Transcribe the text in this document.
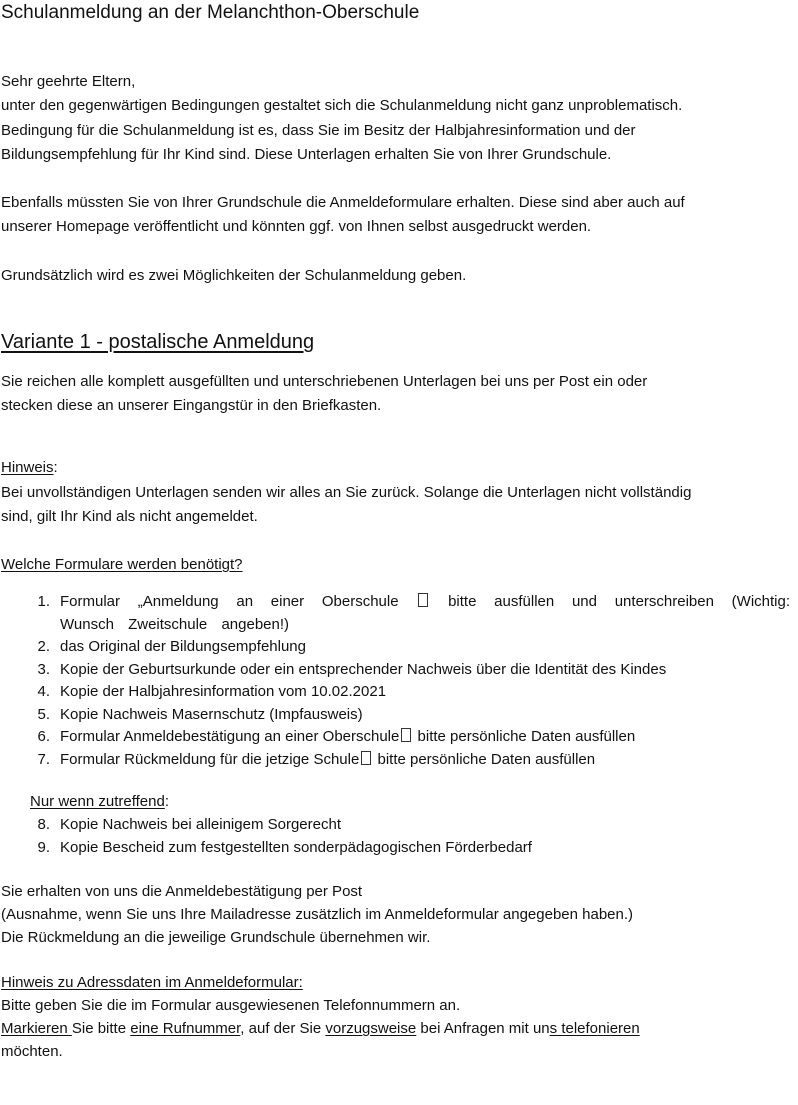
Schulanmeldung an der Melanchthon-Oberschule
Sehr geehrte Eltern,
unter den gegenwärtigen Bedingungen gestaltet sich die Schulanmeldung nicht ganz unproblematisch.
Bedingung für die Schulanmeldung ist es, dass Sie im Besitz der Halbjahresinformation und der
Bildungsempfehlung für Ihr Kind sind. Diese Unterlagen erhalten Sie von Ihrer Grundschule.
Ebenfalls müssten Sie von Ihrer Grundschule die Anmeldeformulare erhalten. Diese sind aber auch auf
unserer Homepage veröffentlicht und könnten ggf. von Ihnen selbst ausgedruckt werden.
Grundsätzlich wird es zwei Möglichkeiten der Schulanmeldung geben.
Variante 1 - postalische Anmeldung
Sie reichen alle komplett ausgefüllten und unterschriebenen Unterlagen bei uns per Post ein oder
stecken diese an unserer Eingangstür in den Briefkasten.
Hinweis:
Bei unvollständigen Unterlagen senden wir alles an Sie zurück. Solange die Unterlagen nicht vollständig
sind, gilt Ihr Kind als nicht angemeldet.
Welche Formulare werden benötigt?
1. Formular „Anmeldung an einer Oberschule  bitte ausfüllen und unterschreiben (Wichtig: Wunsch Zweitschule angeben!)
2. das Original der Bildungsempfehlung
3. Kopie der Geburtsurkunde oder ein entsprechender Nachweis über die Identität des Kindes
4. Kopie der Halbjahresinformation vom 10.02.2021
5. Kopie Nachweis Masernschutz (Impfausweis)
6. Formular Anmeldebestätigung an einer Oberschule bitte persönliche Daten ausfüllen
7. Formular Rückmeldung für die jetzige Schule bitte persönliche Daten ausfüllen
Nur wenn zutreffend:
8. Kopie Nachweis bei alleinigem Sorgerecht
9. Kopie Bescheid zum festgestellten sonderpädagogischen Förderbedarf
Sie erhalten von uns die Anmeldebestätigung per Post
(Ausnahme, wenn Sie uns Ihre Mailadresse zusätzlich im Anmeldeformular angegeben haben.)
Die Rückmeldung an die jeweilige Grundschule übernehmen wir.
Hinweis zu Adressdaten im Anmeldeformular:
Bitte geben Sie die im Formular ausgewiesenen Telefonnummern an.
Markieren Sie bitte eine Rufnummer, auf der Sie vorzugsweise bei Anfragen mit uns telefonieren
möchten.
